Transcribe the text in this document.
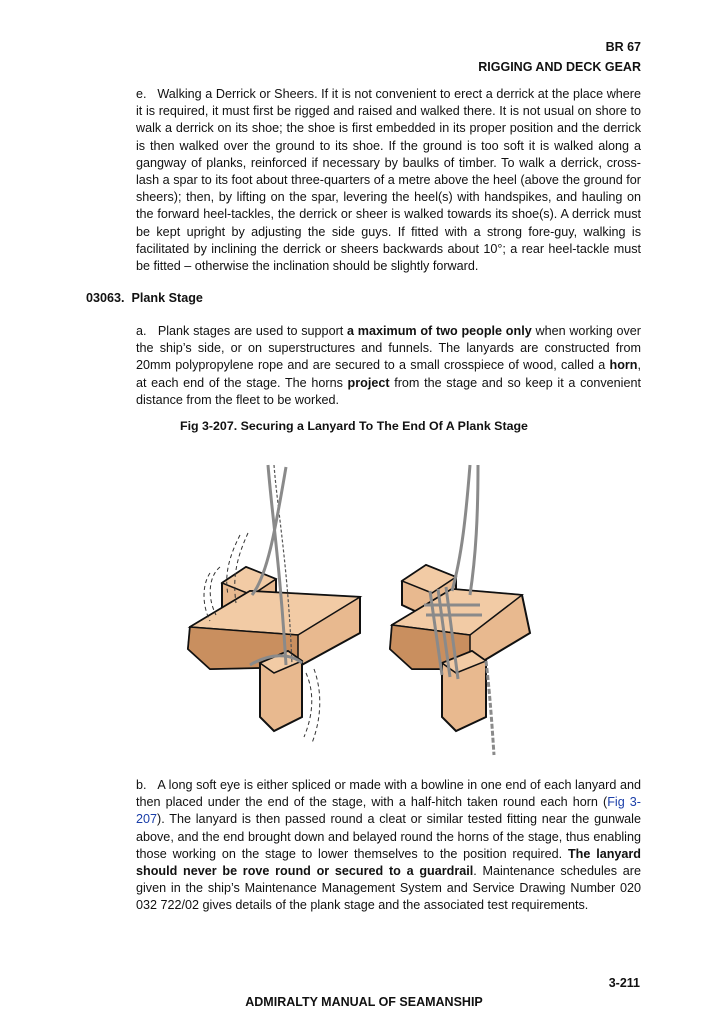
BR 67
RIGGING AND DECK GEAR

e. Walking a Derrick or Sheers. If it is not convenient to erect a derrick at the place where it is required, it must first be rigged and raised and walked there. It is not usual on shore to walk a derrick on its shoe; the shoe is first embedded in its proper position and the derrick is then walked over the ground to its shoe. If the ground is too soft it is walked along a gangway of planks, reinforced if necessary by baulks of timber. To walk a derrick, cross-lash a spar to its foot about three-quarters of a metre above the heel (above the ground for sheers); then, by lifting on the spar, levering the heel(s) with handspikes, and hauling on the forward heel-tackles, the derrick or sheer is walked towards its shoe(s). A derrick must be kept upright by adjusting the side guys. If fitted with a strong fore-guy, walking is facilitated by inclining the derrick or sheers backwards about 10°; a rear heel-tackle must be fitted – otherwise the inclination should be slightly forward.

03063. Plank Stage

a. Plank stages are used to support a maximum of two people only when working over the ship’s side, or on superstructures and funnels. The lanyards are constructed from 20mm polypropylene rope and are secured to a small crosspiece of wood, called a horn, at each end of the stage. The horns project from the stage and so keep it a convenient distance from the fleet to be worked.

Fig 3-207. Securing a Lanyard To The End Of A Plank Stage

b. A long soft eye is either spliced or made with a bowline in one end of each lanyard and then placed under the end of the stage, with a half-hitch taken round each horn (Fig 3-207). The lanyard is then passed round a cleat or similar tested fitting near the gunwale above, and the end brought down and belayed round the horns of the stage, thus enabling those working on the stage to lower themselves to the position required. The lanyard should never be rove round or secured to a guardrail. Maintenance schedules are given in the ship’s Maintenance Management System and Service Drawing Number 020 032 722/02 gives details of the plank stage and the associated test requirements.

3-211
ADMIRALTY MANUAL OF SEAMANSHIP
